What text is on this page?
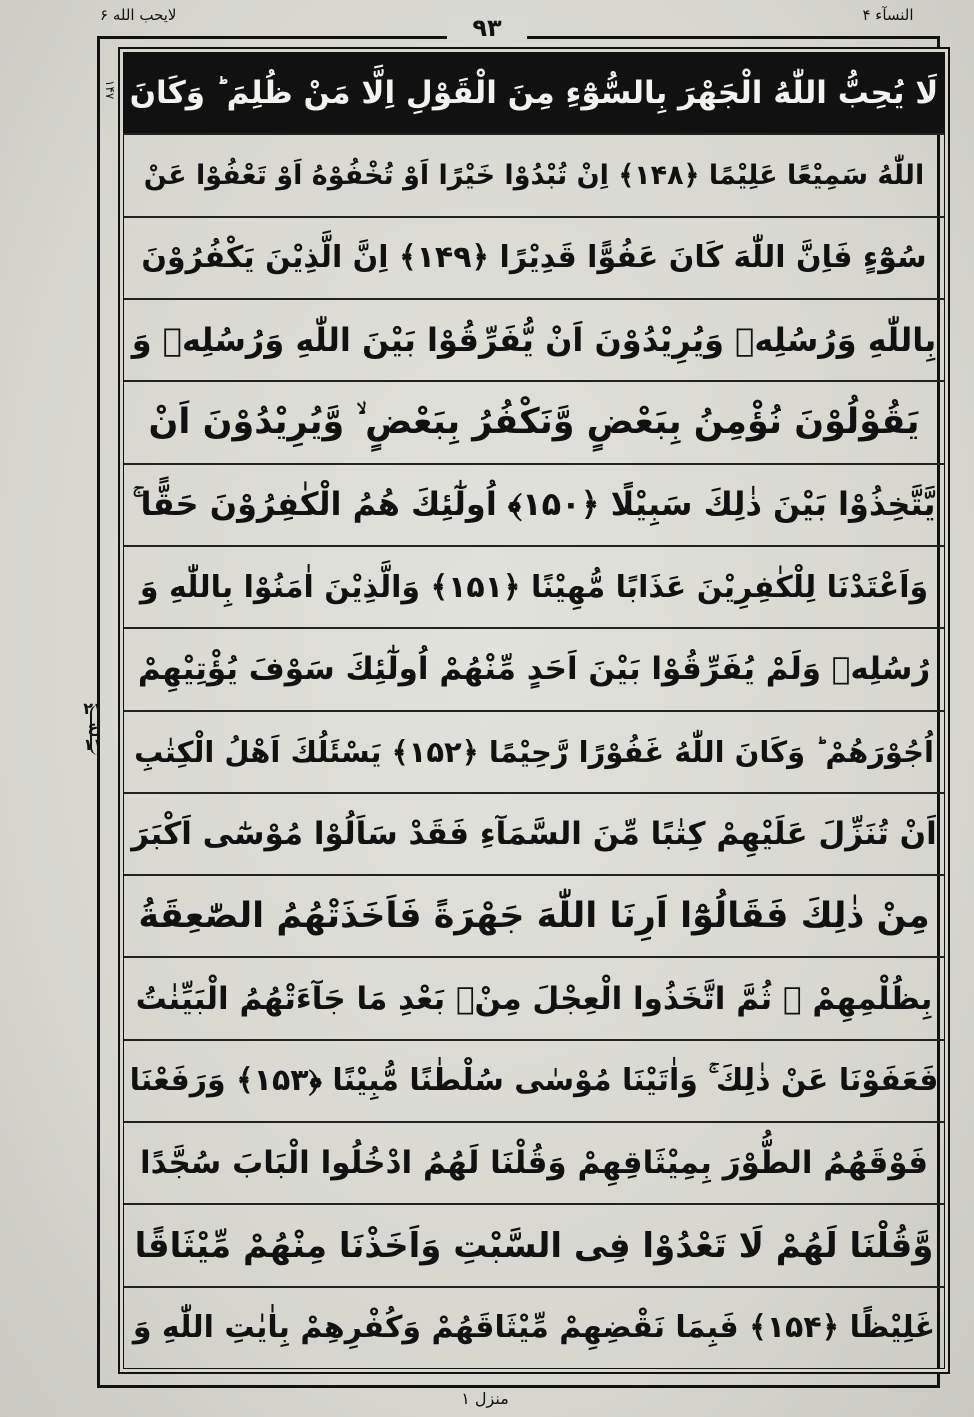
لايحب الله ۶	۹۳	النسآء ۴
۱۴۷
۲۱
ع
۱۱
لَا يُحِبُّ اللّٰهُ الْجَهْرَ بِالسُّوْٓءِ مِنَ الْقَوْلِ اِلَّا مَنْ ظُلِمَ ؕ وَكَانَ
اللّٰهُ سَمِيْعًا عَلِيْمًا ﴿۱۴۸﴾ اِنْ تُبْدُوْا خَيْرًا اَوْ تُخْفُوْهُ اَوْ تَعْفُوْا عَنْ
سُوْٓءٍ فَاِنَّ اللّٰهَ كَانَ عَفُوًّا قَدِيْرًا ﴿۱۴۹﴾ اِنَّ الَّذِيْنَ يَكْفُرُوْنَ
بِاللّٰهِ وَرُسُلِهٖ وَيُرِيْدُوْنَ اَنْ يُّفَرِّقُوْا بَيْنَ اللّٰهِ وَرُسُلِهٖ وَ
يَقُوْلُوْنَ نُؤْمِنُ بِبَعْضٍ وَّنَكْفُرُ بِبَعْضٍ ۙ وَّيُرِيْدُوْنَ اَنْ
يَّتَّخِذُوْا بَيْنَ ذٰلِكَ سَبِيْلًا ﴿۱۵۰﴾ اُولٰٓئِكَ هُمُ الْكٰفِرُوْنَ حَقًّا ۚ
وَاَعْتَدْنَا لِلْكٰفِرِيْنَ عَذَابًا مُّهِيْنًا ﴿۱۵۱﴾ وَالَّذِيْنَ اٰمَنُوْا بِاللّٰهِ وَ
رُسُلِهٖ وَلَمْ يُفَرِّقُوْا بَيْنَ اَحَدٍ مِّنْهُمْ اُولٰٓئِكَ سَوْفَ يُؤْتِيْهِمْ
اُجُوْرَهُمْ ؕ وَكَانَ اللّٰهُ غَفُوْرًا رَّحِيْمًا ﴿۱۵۲﴾ يَسْئَلُكَ اَهْلُ الْكِتٰبِ
اَنْ تُنَزِّلَ عَلَيْهِمْ كِتٰبًا مِّنَ السَّمَآءِ فَقَدْ سَاَلُوْا مُوْسٰٓى اَكْبَرَ
مِنْ ذٰلِكَ فَقَالُوْٓا اَرِنَا اللّٰهَ جَهْرَةً فَاَخَذَتْهُمُ الصّٰعِقَةُ
بِظُلْمِهِمْ ۚ ثُمَّ اتَّخَذُوا الْعِجْلَ مِنْۢ بَعْدِ مَا جَآءَتْهُمُ الْبَيِّنٰتُ
فَعَفَوْنَا عَنْ ذٰلِكَ ۚ وَاٰتَيْنَا مُوْسٰى سُلْطٰنًا مُّبِيْنًا ﴿۱۵۳﴾ وَرَفَعْنَا
فَوْقَهُمُ الطُّوْرَ بِمِيْثَاقِهِمْ وَقُلْنَا لَهُمُ ادْخُلُوا الْبَابَ سُجَّدًا
وَّقُلْنَا لَهُمْ لَا تَعْدُوْا فِى السَّبْتِ وَاَخَذْنَا مِنْهُمْ مِّيْثَاقًا
غَلِيْظًا ﴿۱۵۴﴾ فَبِمَا نَقْضِهِمْ مِّيْثَاقَهُمْ وَكُفْرِهِمْ بِاٰيٰتِ اللّٰهِ وَ
منزل ۱
